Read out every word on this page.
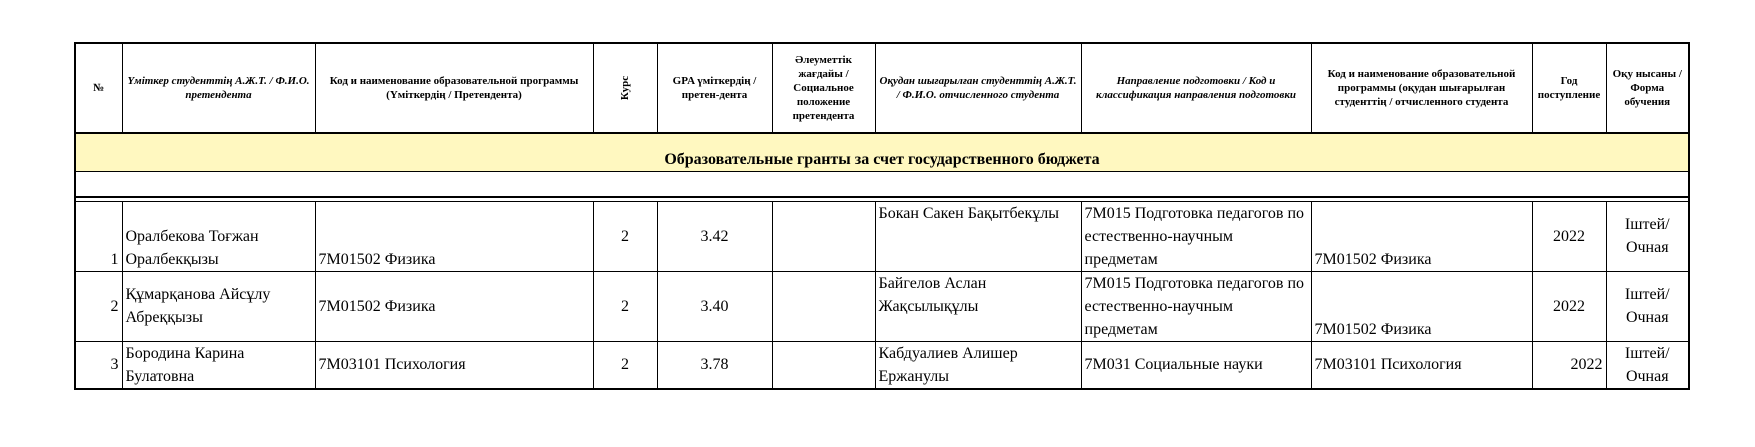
№	Үміткер студенттің А.Ж.Т. / Ф.И.О. претендента	Код и наименование образовательной программы (Үміткердің / Претендента)	Курс	GPA үміткердің / претен-дента	Әлеуметтік жағдайы / Социальное положение претендента	Оқудан шығарылған студенттің А.Ж.Т. / Ф.И.О. отчисленного студента	Направление подготовки / Код и классификация направления подготовки	Код и наименование образовательной программы (оқудан шығарылған студенттің / отчисленного студента	Год поступление	Оқу нысаны / Форма обучения
Образовательные гранты за счет государственного бюджета										

1	Оралбекова Тоғжан Оралбекқызы	7М01502 Физика	2	3.42		Бокан Сакен Бақытбекұлы	7М015 Подготовка педагогов по естественно-научным предметам	7М01502 Физика	2022	Іштей/ Очная
2	Құмарқанова Айсұлу Абреққызы	7М01502 Физика	2	3.40		Байгелов Аслан Жақсылықұлы	7М015 Подготовка педагогов по естественно-научным предметам	7М01502 Физика	2022	Іштей/ Очная
3	Бородина Карина Булатовна	7М03101 Психология	2	3.78		Кабдуалиев Алишер Ержанулы	7М031 Социальные науки	7М03101 Психология	2022	Іштей/ Очная
